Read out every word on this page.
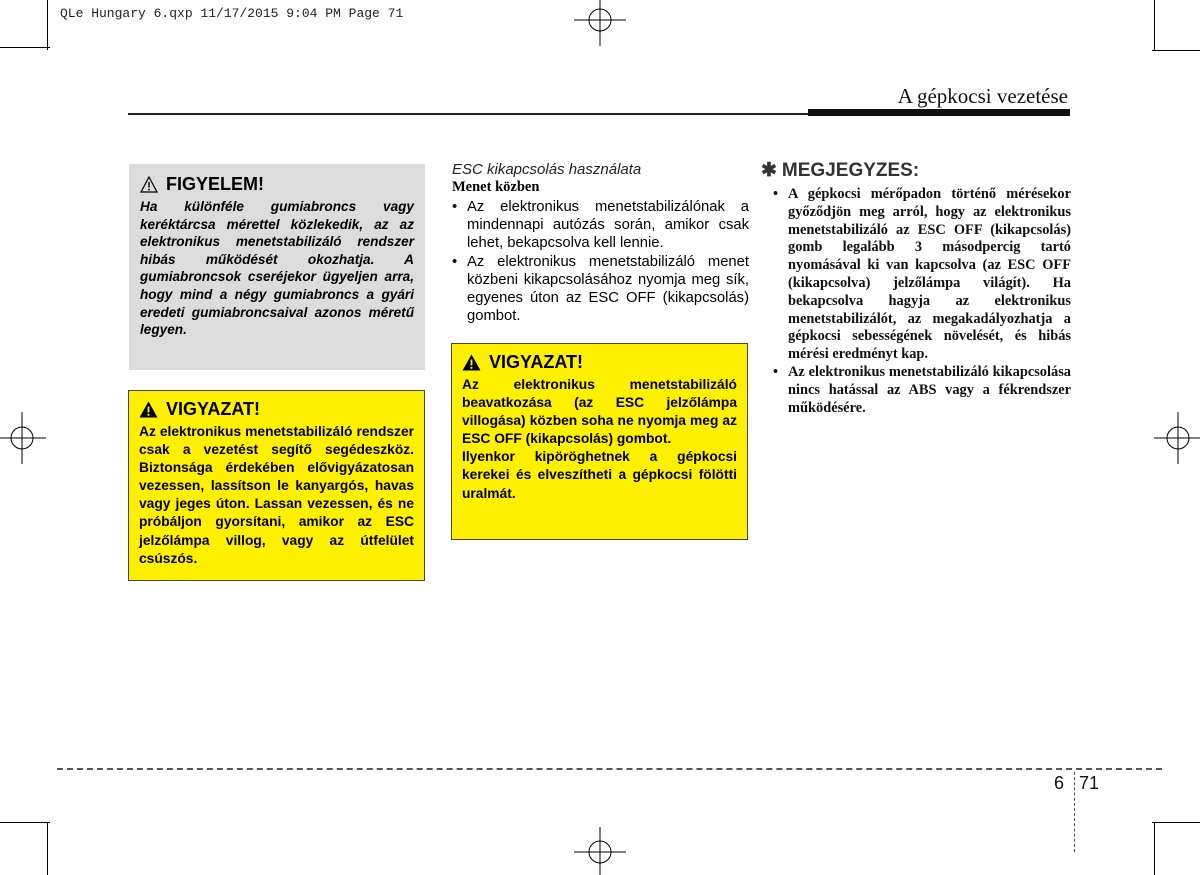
QLe Hungary 6.qxp 11/17/2015 9:04 PM Page 71
A gépkocsi vezetése
FIGYELEM!

Ha különféle gumiabroncs vagy keréktárcsa mérettel közlekedik, az az elektronikus menetstabilizáló rendszer hibás működését okozhatja. A gumiabroncsok cseréjekor ügyeljen arra, hogy mind a négy gumiabroncs a gyári eredeti gumiabroncsaival azonos méretű legyen.

VIGYAZAT!

Az elektronikus menetstabilizáló rendszer csak a vezetést segítő segédeszköz. Biztonsága érdekében elővigyázatosan vezessen, lassítson le kanyargós, havas vagy jeges úton. Lassan vezessen, és ne próbáljon gyorsítani, amikor az ESC jelzőlámpa villog, vagy az útfelület csúszós.

ESC kikapcsolás használata
Menet közben
• Az elektronikus menetstabilizálónak a mindennapi autózás során, amikor csak lehet, bekapcsolva kell lennie.
• Az elektronikus menetstabilizáló menet közbeni kikapcsolásához nyomja meg sík, egyenes úton az ESC OFF (kikapcsolás) gombot.
VIGYAZAT!

Az elektronikus menetstabilizáló beavatkozása (az ESC jelzőlámpa villogása) közben soha ne nyomja meg az ESC OFF (kikapcsolás) gombot.

Ilyenkor kipöröghetnek a gépkocsi kerekei és elveszítheti a gépkocsi fölötti uralmát.

✱ MEGJEGYZES:
• A gépkocsi mérőpadon történő mérésekor győződjön meg arról, hogy az elektronikus menetstabilizáló az ESC OFF (kikapcsolás) gomb legalább 3 másodpercig tartó nyomásával ki van kapcsolva (az ESC OFF (kikapcsolva) jelzőlámpa világít). Ha bekapcsolva hagyja az elektronikus menetstabilizálót, az megakadályozhatja a gépkocsi sebességének növelését, és hibás mérési eredményt kap.
• Az elektronikus menetstabilizáló kikapcsolása nincs hatással az ABS vagy a fékrendszer működésére.
6 71
